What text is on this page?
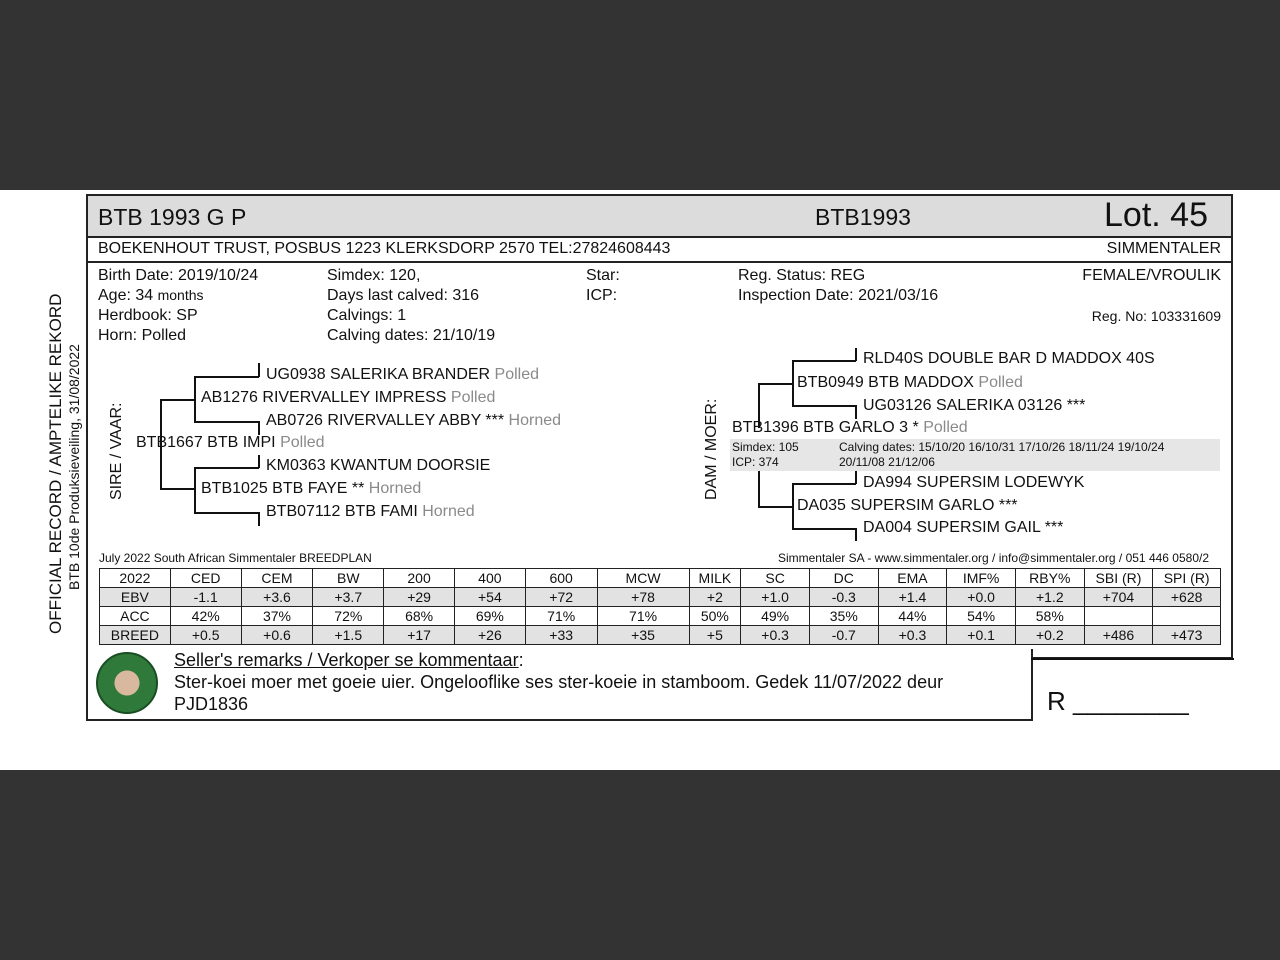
OFFICIAL RECORD / AMPTELIKE REKORD BTB 10de Produksieveiling, 31/08/2022
BTB 1993 G P	BTB1993	Lot. 45
BOEKENHOUT TRUST, POSBUS 1223 KLERKSDORP 2570 TEL:27824608443	SIMMENTALER
Birth Date: 2019/10/24
Age: 34 months
Herdbook: SP
Horn: Polled
Simdex: 120,
Days last calved: 316
Calvings: 1
Calving dates: 21/10/19
Star:
ICP:
Reg. Status: REG
Inspection Date: 2021/03/16
FEMALE/VROULIK
Reg. No: 103331609
SIRE / VAAR:
UG0938 SALERIKA BRANDER Polled
AB1276 RIVERVALLEY IMPRESS Polled
AB0726 RIVERVALLEY ABBY *** Horned
BTB1667 BTB IMPI Polled
KM0363 KWANTUM DOORSIE
BTB1025 BTB FAYE ** Horned
BTB07112 BTB FAMI Horned
DAM / MOER:
RLD40S DOUBLE BAR D MADDOX 40S
BTB0949 BTB MADDOX Polled
UG03126 SALERIKA 03126 ***
BTB1396 BTB GARLO 3 * Polled
Simdex: 105
ICP: 374
Calving dates: 15/10/20 16/10/31 17/10/26 18/11/24 19/10/24
20/11/08 21/12/06
DA994 SUPERSIM LODEWYK
DA035 SUPERSIM GARLO ***
DA004 SUPERSIM GAIL ***
July 2022 South African Simmentaler BREEDPLAN	Simmentaler SA - www.simmentaler.org / info@simmentaler.org / 051 446 0580/2
2022	CED	CEM	BW	200	400	600	MCW	MILK	SC	DC	EMA	IMF%	RBY%	SBI (R)	SPI (R)
EBV	-1.1	+3.6	+3.7	+29	+54	+72	+78	+2	+1.0	-0.3	+1.4	+0.0	+1.2	+704	+628
ACC	42%	37%	72%	68%	69%	71%	71%	50%	49%	35%	44%	54%	58%		
BREED	+0.5	+0.6	+1.5	+17	+26	+33	+35	+5	+0.3	-0.7	+0.3	+0.1	+0.2	+486	+473
Seller's remarks / Verkoper se kommentaar:
Ster-koei moer met goeie uier. Ongelooflike ses ster-koeie in stamboom. Gedek 11/07/2022 deur
PJD1836	R ________
